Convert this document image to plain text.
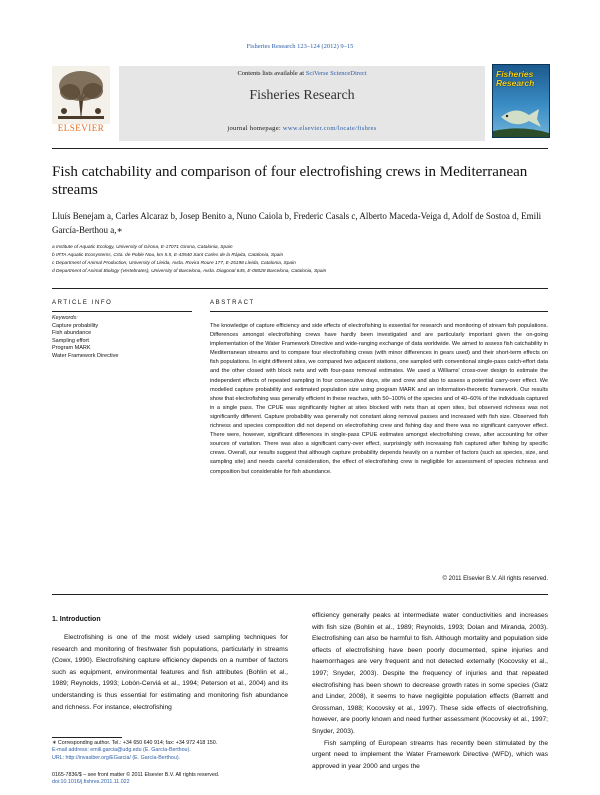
Fisheries Research 123–124 (2012) 9–15
Contents lists available at SciVerse ScienceDirect
Fisheries Research
journal homepage: www.elsevier.com/locate/fishres
ELSEVIER
Fisheries Research
Fish catchability and comparison of four electrofishing crews in Mediterranean streams
Lluís Benejam a, Carles Alcaraz b, Josep Benito a, Nuno Caiola b, Frederic Casals c, Alberto Maceda-Veiga d, Adolf de Sostoa d, Emili García-Berthou a,∗
a Institute of Aquatic Ecology, University of Girona, E-17071 Girona, Catalonia, Spain
b IRTA Aquatic Ecosystems, Crta. de Poble Nou, km 5.5, E-43540 Sant Carles de la Ràpita, Catalonia, Spain
c Department of Animal Production, University of Lleida, Avda. Rovira Roure 177, E-25198 Lleida, Catalonia, Spain
d Department of Animal Biology (Vertebrates), University of Barcelona, Avda. Diagonal 645, E-08028 Barcelona, Catalonia, Spain
ARTICLE INFO	ABSTRACT
Keywords:
Capture probability
Fish abundance
Sampling effort
Program MARK
Water Framework Directive
The knowledge of capture efficiency and side effects of electrofishing is essential for research and monitoring of stream fish populations. Differences amongst electrofishing crews have hardly been investigated and are particularly important given the on-going implementation of the Water Framework Directive and wide-ranging exchange of data worldwide. We aimed to assess fish catchability in Mediterranean streams and to compare four electrofishing crews (with minor differences in gears used) and their short-term effects on fish populations. In eight different sites, we compared two adjacent stations, one sampled with conventional single-pass catch-effort data and the other closed with block nets and with four-pass removal estimates. We used a Williams' cross-over design to estimate the independent effects of repeated sampling in four consecutive days, site and crew and also to assess a potential carry-over effect. We modelled capture probability and estimated population size using program MARK and an information-theoretic framework. Our results show that electrofishing was generally efficient in these reaches, with 50–100% of the species and of 40–60% of the individuals captured in a single pass. The CPUE was significantly higher at sites blocked with nets than at open sites, but observed richness was not significantly different. Capture probability was generally not constant along removal passes and increased with fish size. Observed fish richness and species composition did not depend on electrofishing crew and fishing day and there was no significant carryover effect. There were, however, significant differences in single-pass CPUE estimates amongst electrofishing crews, after accounting for other sources of variation. There was also a significant carry-over effect, surprisingly with increasing fish captured after fishing by specific crews. Overall, our results suggest that although capture probability depends heavily on a number of factors (such as species, size, and sampling site) and needs careful consideration, the effect of electrofishing crew is negligible for assessment of species richness and composition but considerable for fish abundance.
© 2011 Elsevier B.V. All rights reserved.
1. Introduction
Electrofishing is one of the most widely used sampling techniques for research and monitoring of freshwater fish populations, particularly in streams (Cowx, 1990). Electrofishing capture efficiency depends on a number of factors such as equipment, environmental features and fish attributes (Bohlin et al., 1989; Reynolds, 1993; Lobón-Cerviá et al., 1994; Peterson et al., 2004) and its understanding is thus essential for estimating and monitoring fish abundance and richness. For instance, electrofishing

efficiency generally peaks at intermediate water conductivities and increases with fish size (Bohlin et al., 1989; Reynolds, 1993; Dolan and Miranda, 2003). Electrofishing can also be harmful to fish. Although mortality and population side effects of electrofishing have been poorly documented, spine injuries and haemorrhages are very frequent and not detected externally (Kocovsky et al., 1997; Snyder, 2003). Despite the frequency of injuries and that repeated electrofishing has been shown to decrease growth rates in some species (Gatz and Linder, 2008), it seems to have negligible population effects (Barrett and Grossman, 1988; Kocovsky et al., 1997). These side effects of electrofishing, however, are poorly known and need further assessment (Kocovsky et al., 1997; Snyder, 2003).

Fish sampling of European streams has recently been stimulated by the urgent need to implement the Water Framework Directive (WFD), which was approved in year 2000 and urges the

∗ Corresponding author. Tel.: +34 650 640 914; fax: +34 972 418 150.
E-mail address: emili.garcia@udg.edu (E. García-Berthou).
URL: http://invasiber.org/EGarcia/ (E. García-Berthou).
0165-7836/$ – see front matter © 2011 Elsevier B.V. All rights reserved.
doi:10.1016/j.fishres.2011.11.022
